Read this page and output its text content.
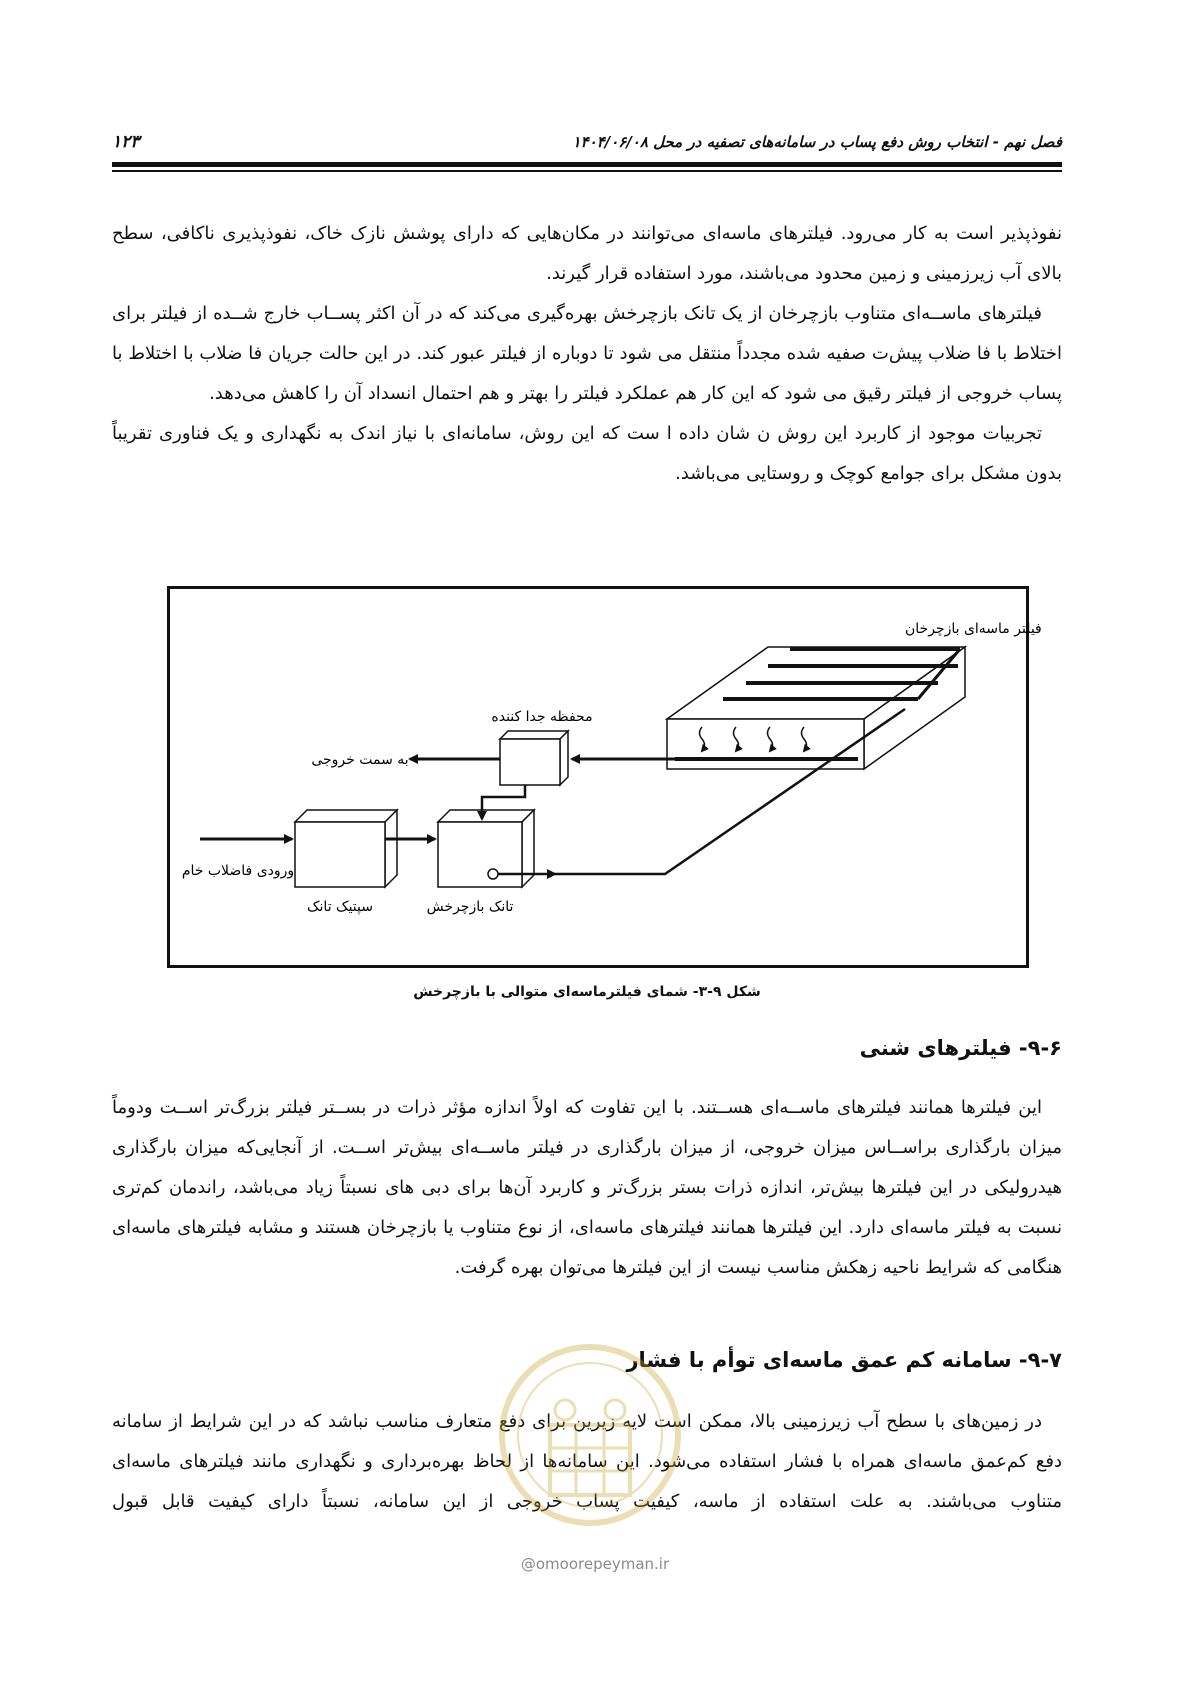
فصل نهم - انتخاب روش دفع پساب در سامانه‌های تصفیه در محل ۱۴۰۴/۰۶/۰۸
۱۲۳

نفوذپذیر است به کار می‌رود. فیلترهای ماسه‌ای می‌توانند در مکان‌هایی که دارای پوشش نازک خاک، نفوذپذیری ناکافی، سطح بالای آب زیرزمینی و زمین محدود می‌باشند، مورد استفاده قرار گیرند.

فیلترهای ماســه‌ای متناوب بازچرخان از یک تانک بازچرخش بهره‌گیری می‌کند که در آن اکثر پســاب خارج شــده از فیلتر برای اختلاط با فا ضلاب پیش‌ت صفیه شده مجدداً منتقل می شود تا دوباره از فیلتر عبور کند. در این حالت جریان فا ضلاب با اختلاط با پساب خروجی از فیلتر رقیق می شود که این کار هم عملکرد فیلتر را بهتر و هم احتمال انسداد آن را کاهش می‌دهد.

تجربیات موجود از کاربرد این روش ن شان داده ا ست که این روش، سامانه‌ای با نیاز اندک به نگهداری و یک فناوری تقریباً بدون مشکل برای جوامع کوچک و روستایی می‌باشد.

فیلتر ماسه‌ای بازچرخان
محفظه جدا کننده
به سمت خروجی
ورودی فاضلاب خام
سپتیک تانک	تانک بازچرخش
شکل ۹-۳- شمای فیلترماسه‌ای متوالی با بازچرخش
۹-۶- فیلترهای شنی

این فیلترها همانند فیلترهای ماســه‌ای هســتند. با این تفاوت که اولاً اندازه مؤثر ذرات در بســتر فیلتر بزرگ‌تر اســت ودوماً میزان بارگذاری براســاس میزان خروجی، از میزان بارگذاری در فیلتر ماســه‌ای بیش‌تر اســت. از آنجایی‌که میزان بارگذاری هیدرولیکی در این فیلترها بیش‌تر، اندازه ذرات بستر بزرگ‌تر و کاربرد آن‌ها برای دبی های نسبتاً زیاد می‌باشد، راندمان کم‌تری نسبت به فیلتر ماسه‌ای دارد. این فیلترها همانند فیلترهای ماسه‌ای، از نوع متناوب یا بازچرخان هستند و مشابه فیلترهای ماسه‌ای هنگامی که شرایط ناحیه زهکش مناسب نیست از این فیلترها می‌توان بهره گرفت.

۹-۷- سامانه کم عمق ماسه‌ای توأم با فشار

در زمین‌های با سطح آب زیرزمینی بالا، ممکن است لایه زیرین برای دفع متعارف مناسب نباشد که در این شرایط از سامانه دفع کم‌عمق ماسه‌ای همراه با فشار استفاده می‌شود. این سامانه‌ها از لحاظ بهره‌برداری و نگهداری مانند فیلترهای ماسه‌ای متناوب می‌باشند. به علت استفاده از ماسه، کیفیت پساب خروجی از این سامانه، نسبتاً دارای کیفیت قابل قبول

@omoorepeyman.ir
